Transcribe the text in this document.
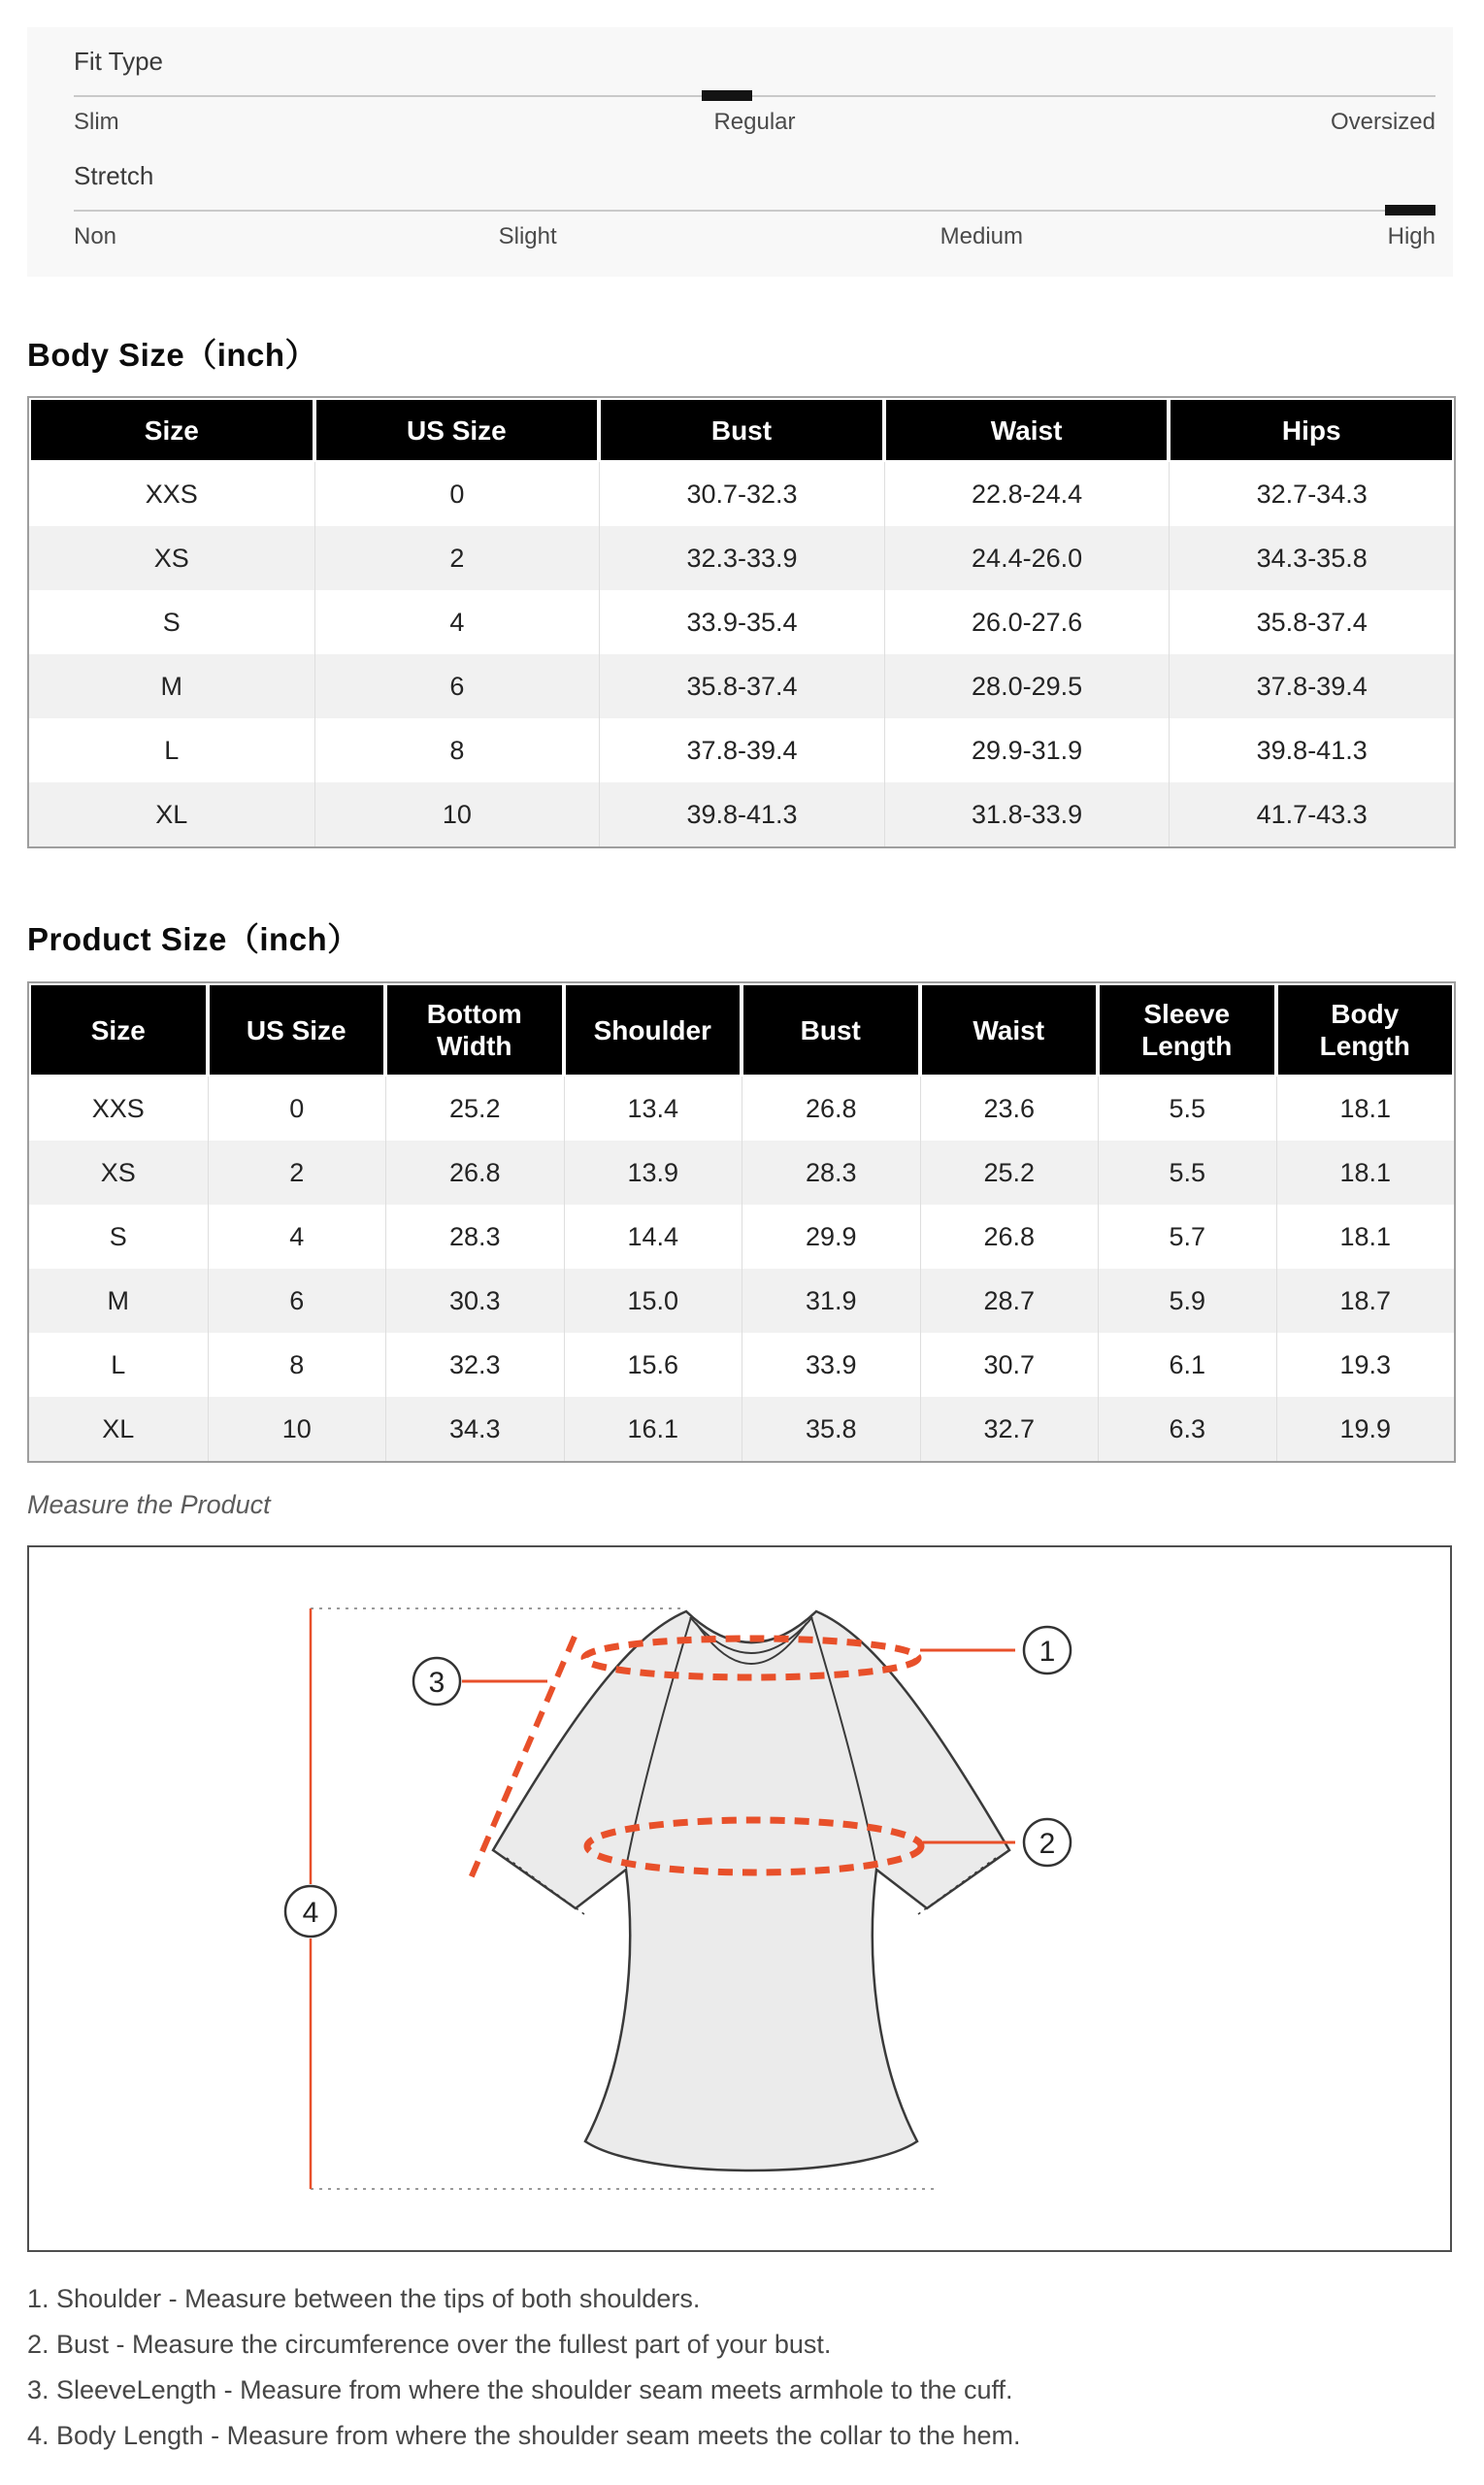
Fit Type
Slim	Regular	Oversized
Stretch
Non	Slight	Medium	High
Body Size（inch）
Size	US Size	Bust	Waist	Hips
XXS	0	30.7-32.3	22.8-24.4	32.7-34.3
XS	2	32.3-33.9	24.4-26.0	34.3-35.8
S	4	33.9-35.4	26.0-27.6	35.8-37.4
M	6	35.8-37.4	28.0-29.5	37.8-39.4
L	8	37.8-39.4	29.9-31.9	39.8-41.3
XL	10	39.8-41.3	31.8-33.9	41.7-43.3
Product Size（inch）
Size	US Size	Bottom Width	Shoulder	Bust	Waist	Sleeve Length	Body Length
XXS	0	25.2	13.4	26.8	23.6	5.5	18.1
XS	2	26.8	13.9	28.3	25.2	5.5	18.1
S	4	28.3	14.4	29.9	26.8	5.7	18.1
M	6	30.3	15.0	31.9	28.7	5.9	18.7
L	8	32.3	15.6	33.9	30.7	6.1	19.3
XL	10	34.3	16.1	35.8	32.7	6.3	19.9
Measure the Product
1
2
3
4
1. Shoulder - Measure between the tips of both shoulders.
2. Bust - Measure the circumference over the fullest part of your bust.
3. SleeveLength - Measure from where the shoulder seam meets armhole to the cuff.
4. Body Length - Measure from where the shoulder seam meets the collar to the hem.
